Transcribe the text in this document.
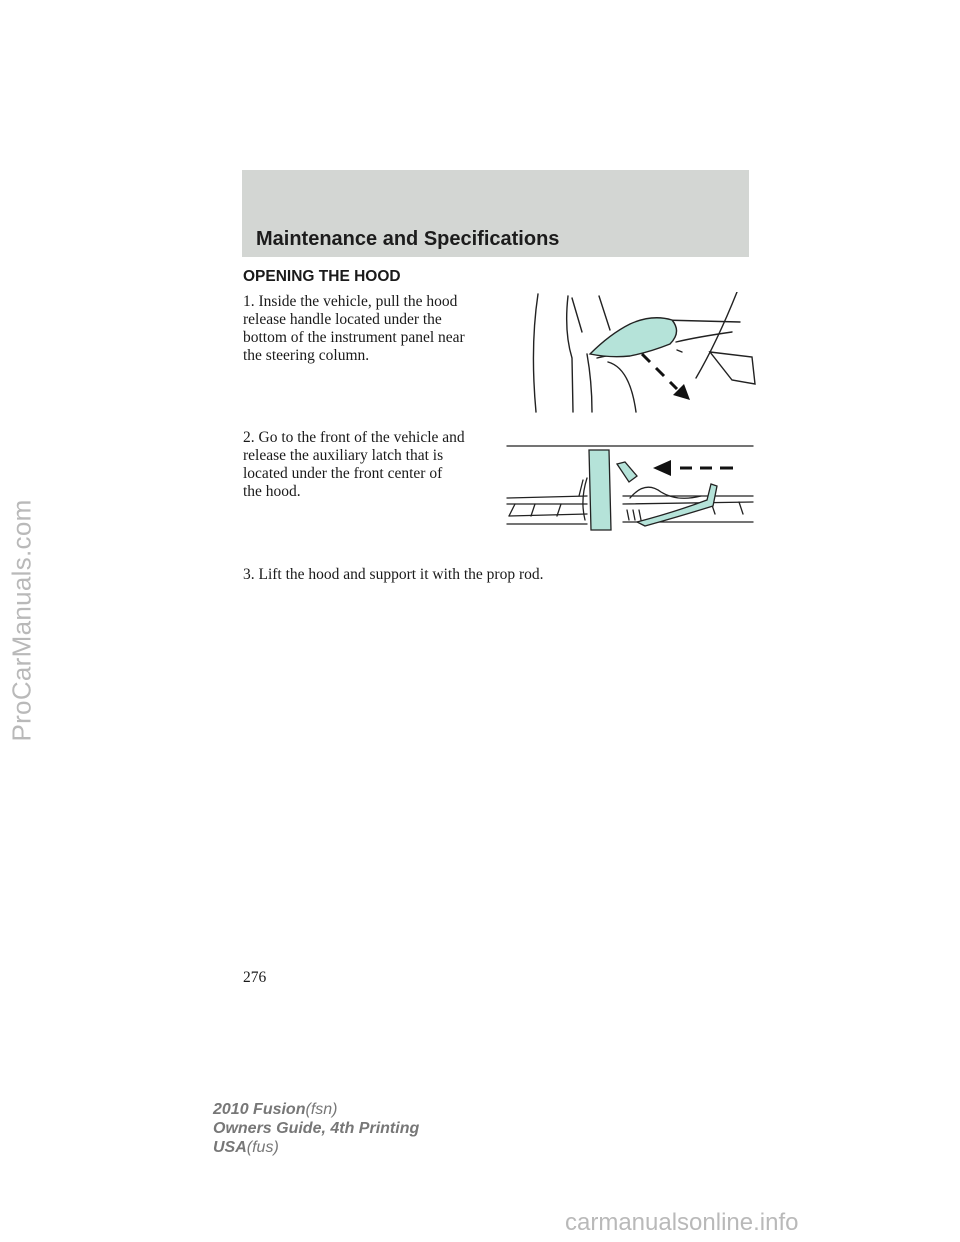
ProCarManuals.com
Maintenance and Specifications
OPENING THE HOOD
1. Inside the vehicle, pull the hood
release handle located under the
bottom of the instrument panel near
the steering column.
2. Go to the front of the vehicle and
release the auxiliary latch that is
located under the front center of
the hood.
3. Lift the hood and support it with the prop rod.
276
2010 Fusion(fsn)
Owners Guide, 4th Printing
USA(fus)
carmanualsonline.info
